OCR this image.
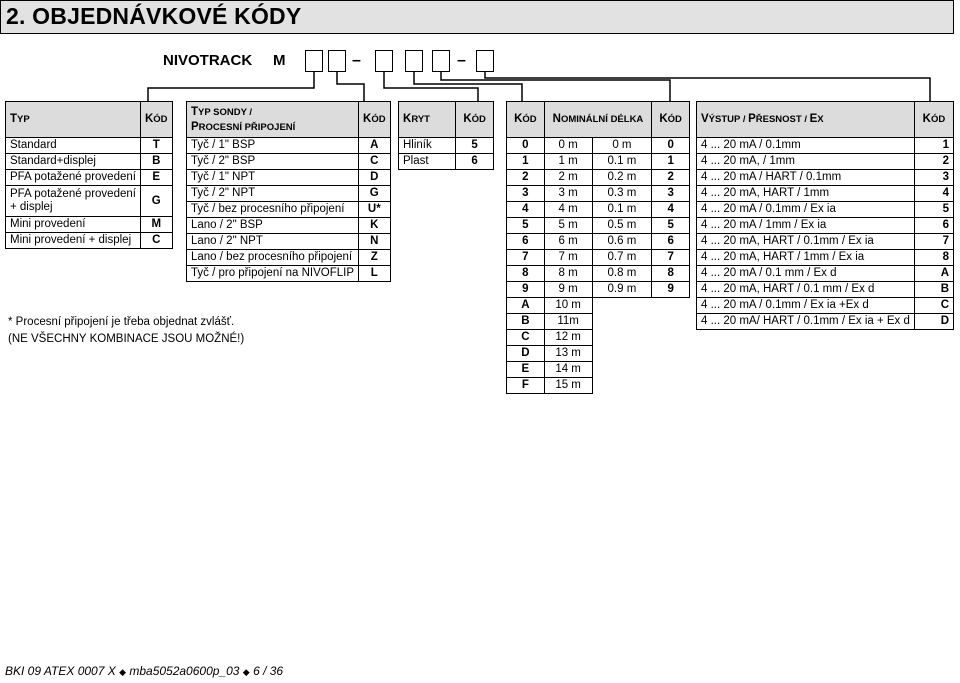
2. OBJEDNÁVKOVÉ KÓDY
NIVOTRACK M	–	–
TYP	KÓD
Standard	T
Standard+displej	B
PFA potažené provedení	E
PFA potažené provedení
+ displej	G
Mini provedení	M
Mini provedení + displej	C
TYP SONDY /
PROCESNÍ PŘIPOJENÍ	KÓD
Tyč / 1" BSP	A
Tyč / 2" BSP	C
Tyč / 1" NPT	D
Tyč / 2" NPT	G
Tyč / bez procesního připojení	U*
Lano / 2" BSP	K
Lano / 2" NPT	N
Lano / bez procesního připojení	Z
Tyč / pro připojení na NIVOFLIP	L
KRYT	KÓD
Hliník	5
Plast	6
KÓD	NOMINÁLNÍ DÉLKA		KÓD
0	0 m	0 m	0
1	1 m	0.1 m	1
2	2 m	0.2 m	2
3	3 m	0.3 m	3
4	4 m	0.1 m	4
5	5 m	0.5 m	5
6	6 m	0.6 m	6
7	7 m	0.7 m	7
8	8 m	0.8 m	8
9	9 m	0.9 m	9
A	10 m		
B	11m		
C	12 m		
D	13 m		
E	14 m		
F	15 m		
VÝSTUP / PŘESNOST / EX	KÓD
4 ... 20 mA / 0.1mm	1
4 ... 20 mA, / 1mm	2
4 ... 20 mA / HART / 0.1mm	3
4 ... 20 mA, HART / 1mm	4
4 ... 20 mA / 0.1mm / Ex ia	5
4 ... 20 mA / 1mm / Ex ia	6
4 ... 20 mA, HART / 0.1mm / Ex ia	7
4 ... 20 mA, HART / 1mm / Ex ia	8
4 ... 20 mA / 0.1 mm / Ex d	A
4 ... 20 mA, HART / 0.1 mm / Ex d	B
4 ... 20 mA / 0.1mm / Ex ia +Ex d	C
4 ... 20 mA/ HART / 0.1mm / Ex ia + Ex d	D
* Procesní připojení je třeba objednat zvlášť.
(NE VŠECHNY KOMBINACE JSOU MOŽNÉ!)
BKI 09 ATEX 0007 X ◆ mba5052a0600p_03 ◆ 6 / 36
